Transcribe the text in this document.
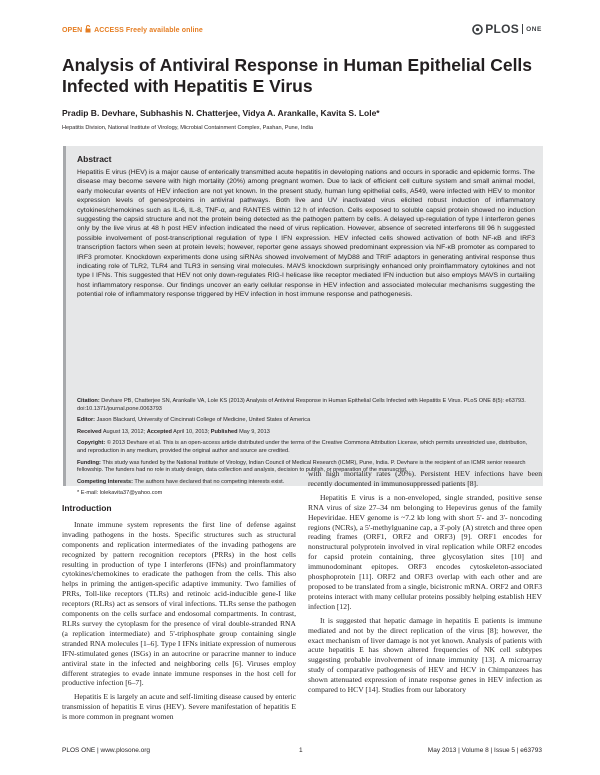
OPEN ACCESS Freely available online	PLOS ONE
Analysis of Antiviral Response in Human Epithelial Cells Infected with Hepatitis E Virus
Pradip B. Devhare, Subhashis N. Chatterjee, Vidya A. Arankalle, Kavita S. Lole*
Hepatitis Division, National Institute of Virology, Microbial Containment Complex, Pashan, Pune, India
Abstract
Hepatitis E virus (HEV) is a major cause of enterically transmitted acute hepatitis in developing nations and occurs in sporadic and epidemic forms. The disease may become severe with high mortality (20%) among pregnant women. Due to lack of efficient cell culture system and small animal model, early molecular events of HEV infection are not yet known. In the present study, human lung epithelial cells, A549, were infected with HEV to monitor expression levels of genes/proteins in antiviral pathways. Both live and UV inactivated virus elicited robust induction of inflammatory cytokines/chemokines such as IL-6, IL-8, TNF-α, and RANTES within 12 h of infection. Cells exposed to soluble capsid protein showed no induction suggesting the capsid structure and not the protein being detected as the pathogen pattern by cells. A delayed up-regulation of type I interferon genes only by the live virus at 48 h post HEV infection indicated the need of virus replication. However, absence of secreted interferons till 96 h suggested possible involvement of post-transcriptional regulation of type I IFN expression. HEV infected cells showed activation of both NF-κB and IRF3 transcription factors when seen at protein levels; however, reporter gene assays showed predominant expression via NF-κB promoter as compared to IRF3 promoter. Knockdown experiments done using siRNAs showed involvement of MyD88 and TRIF adaptors in generating antiviral response thus indicating role of TLR2, TLR4 and TLR3 in sensing viral molecules. MAVS knockdown surprisingly enhanced only proinflammatory cytokines and not type I IFNs. This suggested that HEV not only down-regulates RIG-I helicase like receptor mediated IFN induction but also employs MAVS in curtailing host inflammatory response. Our findings uncover an early cellular response in HEV infection and associated molecular mechanisms suggesting the potential role of inflammatory response triggered by HEV infection in host immune response and pathogenesis.
Citation: Devhare PB, Chatterjee SN, Arankalle VA, Lole KS (2013) Analysis of Antiviral Response in Human Epithelial Cells Infected with Hepatitis E Virus. PLoS ONE 8(5): e63793. doi:10.1371/journal.pone.0063793
Editor: Jason Blackard, University of Cincinnati College of Medicine, United States of America
Received August 13, 2012; Accepted April 10, 2013; Published May 9, 2013
Copyright: © 2013 Devhare et al. This is an open-access article distributed under the terms of the Creative Commons Attribution License, which permits unrestricted use, distribution, and reproduction in any medium, provided the original author and source are credited.
Funding: This study was funded by the National Institute of Virology, Indian Council of Medical Research (ICMR), Pune, India. P. Devhare is the recipient of an ICMR senior research fellowship. The funders had no role in study design, data collection and analysis, decision to publish, or preparation of the manuscript.
Competing Interests: The authors have declared that no competing interests exist.
* E-mail: lolekavita37@yahoo.com
Introduction

Innate immune system represents the first line of defense against invading pathogens in the hosts. Specific structures such as structural components and replication intermediates of the invading pathogens are recognized by pattern recognition receptors (PRRs) in the host cells resulting in production of type I interferons (IFNs) and proinflammatory cytokines/chemokines to eradicate the pathogen from the cells. This also helps in priming the antigen-specific adaptive immunity. Two families of PRRs, Toll-like receptors (TLRs) and retinoic acid-inducible gene-I like receptors (RLRs) act as sensors of viral infections. TLRs sense the pathogen components on the cells surface and endosomal compartments. In contrast, RLRs survey the cytoplasm for the presence of viral double-stranded RNA (a replication intermediate) and 5'-triphosphate group containing single stranded RNA molecules [1–6]. Type I IFNs initiate expression of numerous IFN-stimulated genes (ISGs) in an autocrine or paracrine manner to induce antiviral state in the infected and neighboring cells [6]. Viruses employ different strategies to evade innate immune responses in the host cell for productive infection [6–7].

Hepatitis E is largely an acute and self-limiting disease caused by enteric transmission of hepatitis E virus (HEV). Severe manifestation of hepatitis E is more common in pregnant women

with high mortality rates (20%). Persistent HEV infections have been recently documented in immunosuppressed patients [8].

Hepatitis E virus is a non-enveloped, single stranded, positive sense RNA virus of size 27–34 nm belonging to Hepevirus genus of the family Hepeviridae. HEV genome is ~7.2 kb long with short 5'- and 3'- noncoding regions (NCRs), a 5'-methylguanine cap, a 3'-poly (A) stretch and three open reading frames (ORF1, ORF2 and ORF3) [9]. ORF1 encodes for nonstructural polyprotein involved in viral replication while ORF2 encodes for capsid protein containing, three glycosylation sites [10] and immunodominant epitopes. ORF3 encodes cytoskeleton-associated phosphoprotein [11]. ORF2 and ORF3 overlap with each other and are proposed to be translated from a single, bicistronic mRNA. ORF2 and ORF3 proteins interact with many cellular proteins possibly helping establish HEV infection [12].

It is suggested that hepatic damage in hepatitis E patients is immune mediated and not by the direct replication of the virus [8]; however, the exact mechanism of liver damage is not yet known. Analysis of patients with acute hepatitis E has shown altered frequencies of NK cell subtypes suggesting probable involvement of innate immunity [13]. A microarray study of comparative pathogenesis of HEV and HCV in Chimpanzees has shown attenuated expression of innate response genes in HEV infection as compared to HCV [14]. Studies from our laboratory

PLOS ONE | www.plosone.org	1	May 2013 | Volume 8 | Issue 5 | e63793
